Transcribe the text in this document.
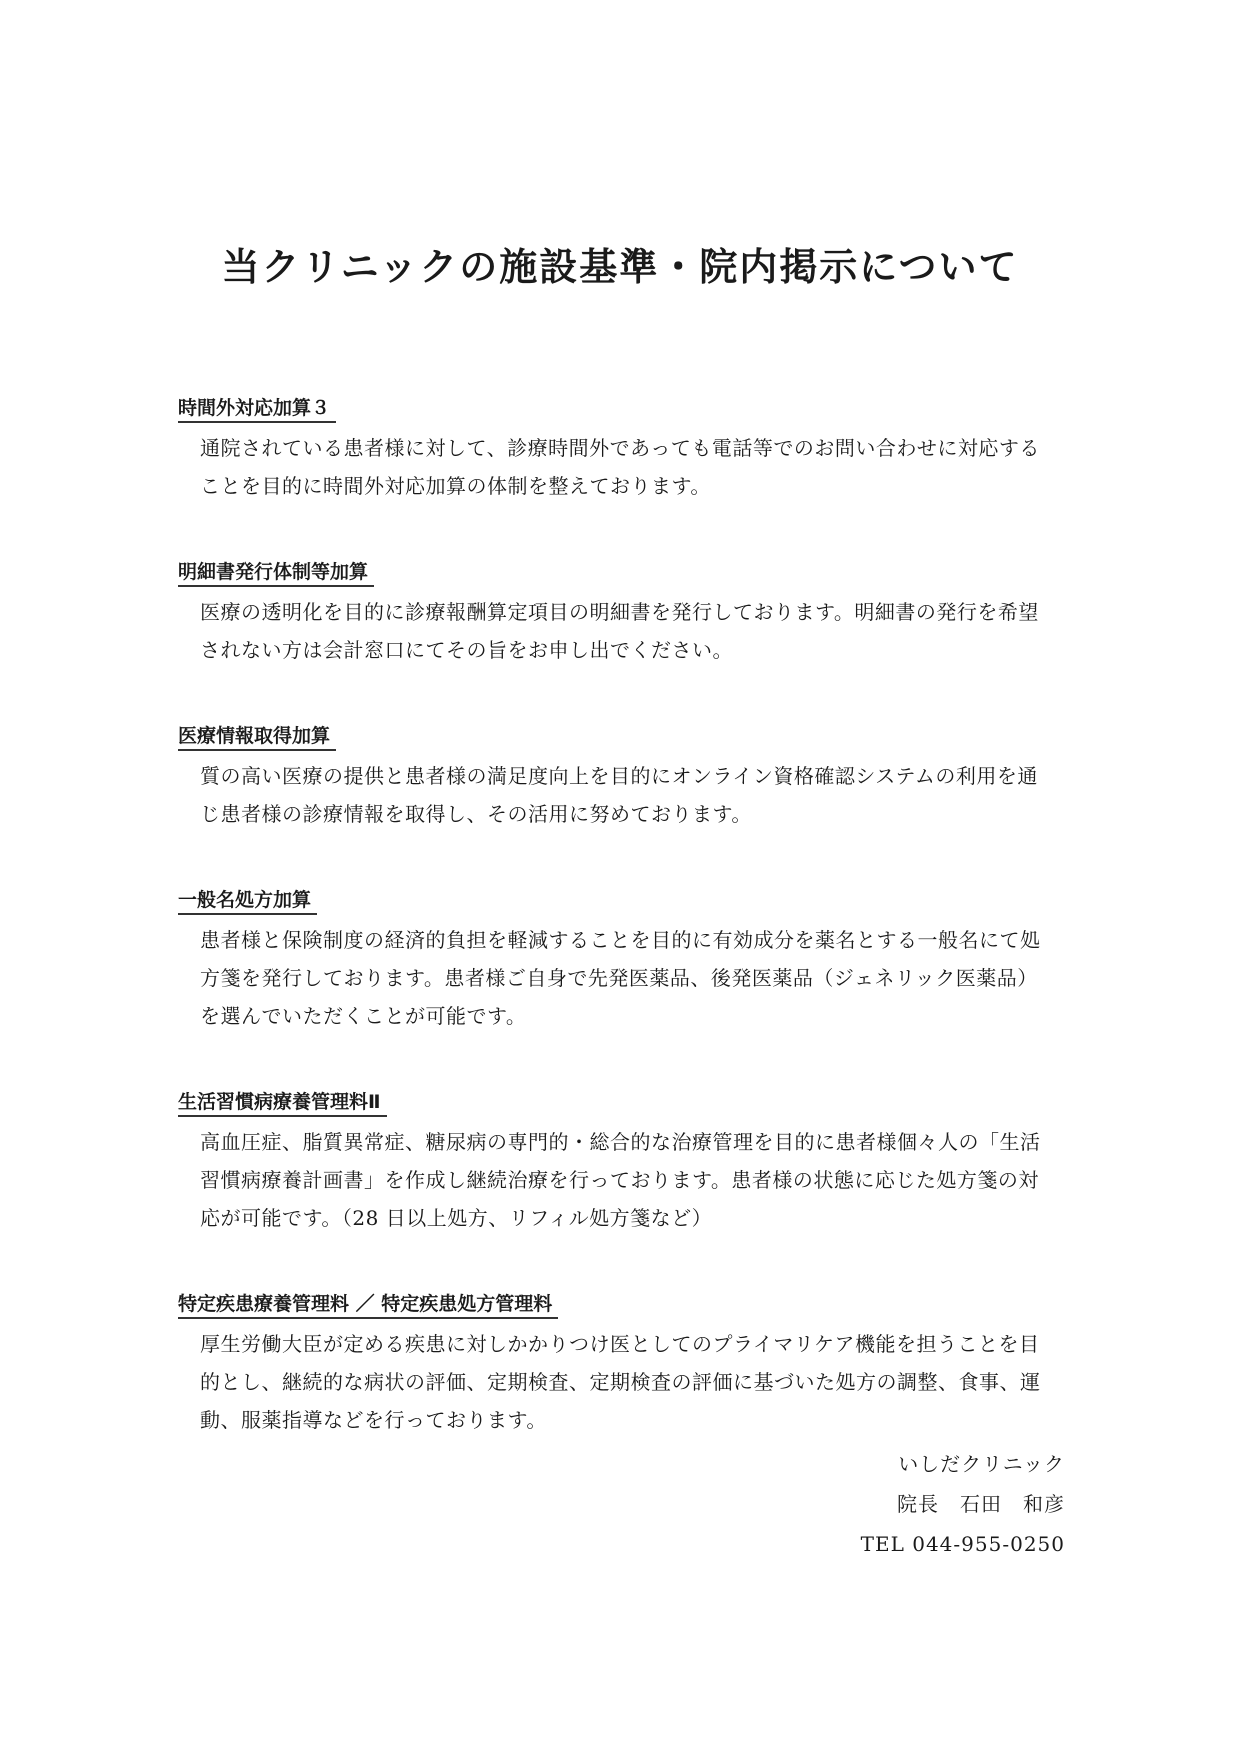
当クリニックの施設基準・院内掲示について
時間外対応加算３
通院されている患者様に対して、診療時間外であっても電話等でのお問い合わせに対応することを目的に時間外対応加算の体制を整えております。
明細書発行体制等加算
医療の透明化を目的に診療報酬算定項目の明細書を発行しております。明細書の発行を希望されない方は会計窓口にてその旨をお申し出でください。
医療情報取得加算
質の高い医療の提供と患者様の満足度向上を目的にオンライン資格確認システムの利用を通じ患者様の診療情報を取得し、その活用に努めております。
一般名処方加算
患者様と保険制度の経済的負担を軽減することを目的に有効成分を薬名とする一般名にて処方箋を発行しております。患者様ご自身で先発医薬品、後発医薬品（ジェネリック医薬品）を選んでいただくことが可能です。
生活習慣病療養管理料Ⅱ
高血圧症、脂質異常症、糖尿病の専門的・総合的な治療管理を目的に患者様個々人の「生活習慣病療養計画書」を作成し継続治療を行っております。患者様の状態に応じた処方箋の対応が可能です。（28 日以上処方、リフィル処方箋など）
特定疾患療養管理料 ／ 特定疾患処方管理料
厚生労働大臣が定める疾患に対しかかりつけ医としてのプライマリケア機能を担うことを目的とし、継続的な病状の評価、定期検査、定期検査の評価に基づいた処方の調整、食事、運動、服薬指導などを行っております。
いしだクリニック
院長　石田　和彦
TEL 044-955-0250
